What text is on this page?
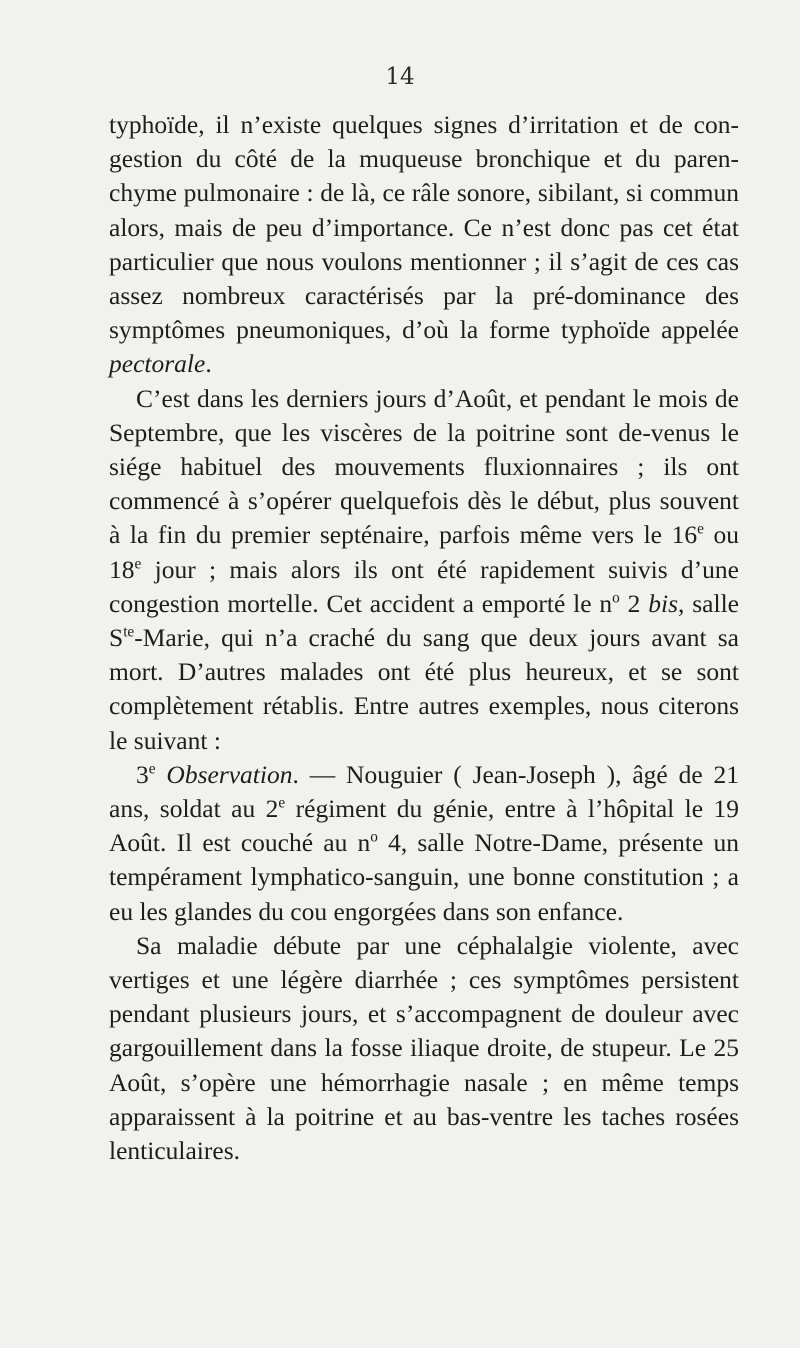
14

typhoïde, il n’existe quelques signes d’irritation et de con-gestion du côté de la muqueuse bronchique et du paren-chyme pulmonaire : de là, ce râle sonore, sibilant, si commun alors, mais de peu d’importance. Ce n’est donc pas cet état particulier que nous voulons mentionner ; il s’agit de ces cas assez nombreux caractérisés par la pré-dominance des symptômes pneumoniques, d’où la forme typhoïde appelée pectorale.

C’est dans les derniers jours d’Août, et pendant le mois de Septembre, que les viscères de la poitrine sont de-venus le siége habituel des mouvements fluxionnaires ; ils ont commencé à s’opérer quelquefois dès le début, plus souvent à la fin du premier septénaire, parfois même vers le 16e ou 18e jour ; mais alors ils ont été rapidement suivis d’une congestion mortelle. Cet accident a emporté le $n^o$ 2 bis, salle $S^{te}$-Marie, qui n’a craché du sang que deux jours avant sa mort. D’autres malades ont été plus heureux, et se sont complètement rétablis. Entre autres exemples, nous citerons le suivant :

3e Observation. — Nouguier ( Jean-Joseph ), âgé de 21 ans, soldat au 2e régiment du génie, entre à l’hôpital le 19 Août. Il est couché au $n^o$ 4, salle Notre-Dame, présente un tempérament lymphatico-sanguin, une bonne constitution ; a eu les glandes du cou engorgées dans son enfance.

Sa maladie débute par une céphalalgie violente, avec vertiges et une légère diarrhée ; ces symptômes persistent pendant plusieurs jours, et s’accompagnent de douleur avec gargouillement dans la fosse iliaque droite, de stupeur. Le 25 Août, s’opère une hémorrhagie nasale ; en même temps apparaissent à la poitrine et au bas-ventre les taches rosées lenticulaires.
